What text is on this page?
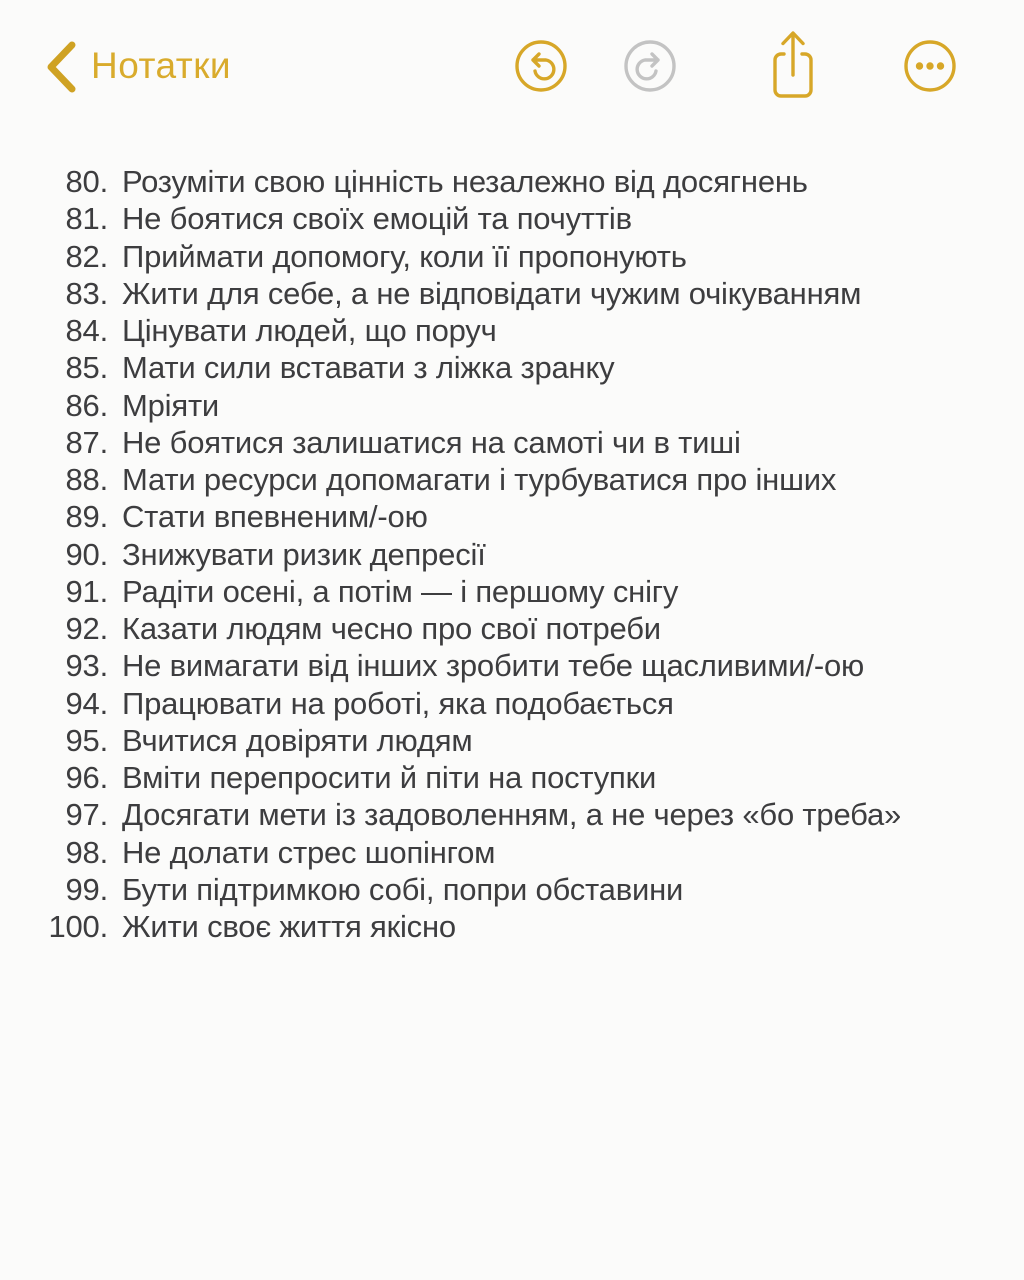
Нотатки
80. Розуміти свою цінність незалежно від досягнень
81. Не боятися своїх емоцій та почуттів
82. Приймати допомогу, коли її пропонують
83. Жити для себе, а не відповідати чужим очікуванням
84. Цінувати людей, що поруч
85. Мати сили вставати з ліжка зранку
86. Мріяти
87. Не боятися залишатися на самоті чи в тиші
88. Мати ресурси допомагати і турбуватися про інших
89. Стати впевненим/-ою
90. Знижувати ризик депресії
91. Радіти осені, а потім — і першому снігу
92. Казати людям чесно про свої потреби
93. Не вимагати від інших зробити тебе щасливими/-ою
94. Працювати на роботі, яка подобається
95. Вчитися довіряти людям
96. Вміти перепросити й піти на поступки
97. Досягати мети із задоволенням, а не через «бо треба»
98. Не долати стрес шопінгом
99. Бути підтримкою собі, попри обставини
100. Жити своє життя якісно
